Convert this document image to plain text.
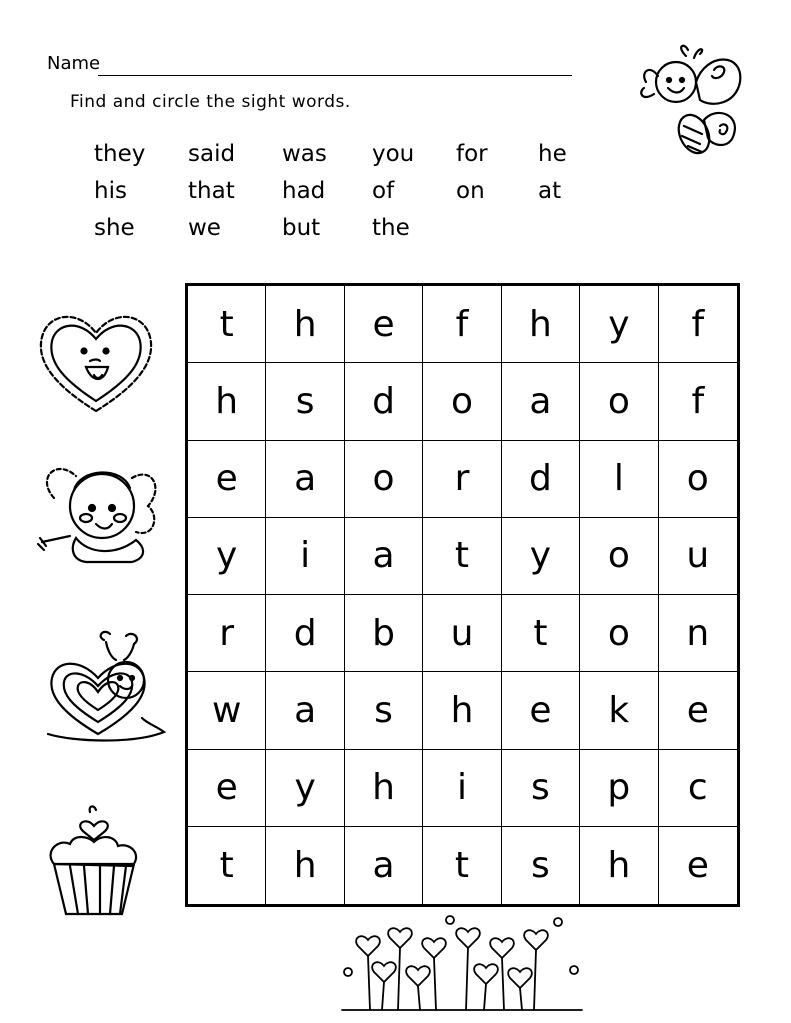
Name
Find and circle the sight words.
they said was you for he
his	that had of	on at
she we	but the
t	h	e	f	h	y	f
h	s	d	o	a	o	f
e	a	o	r	d	l	o
y	i	a	t	y	o	u
r	d	b	u	t	o	n
w	a	s	h	e	k	e
e	y	h	i	s	p	c
t	h	a	t	s	h	e
